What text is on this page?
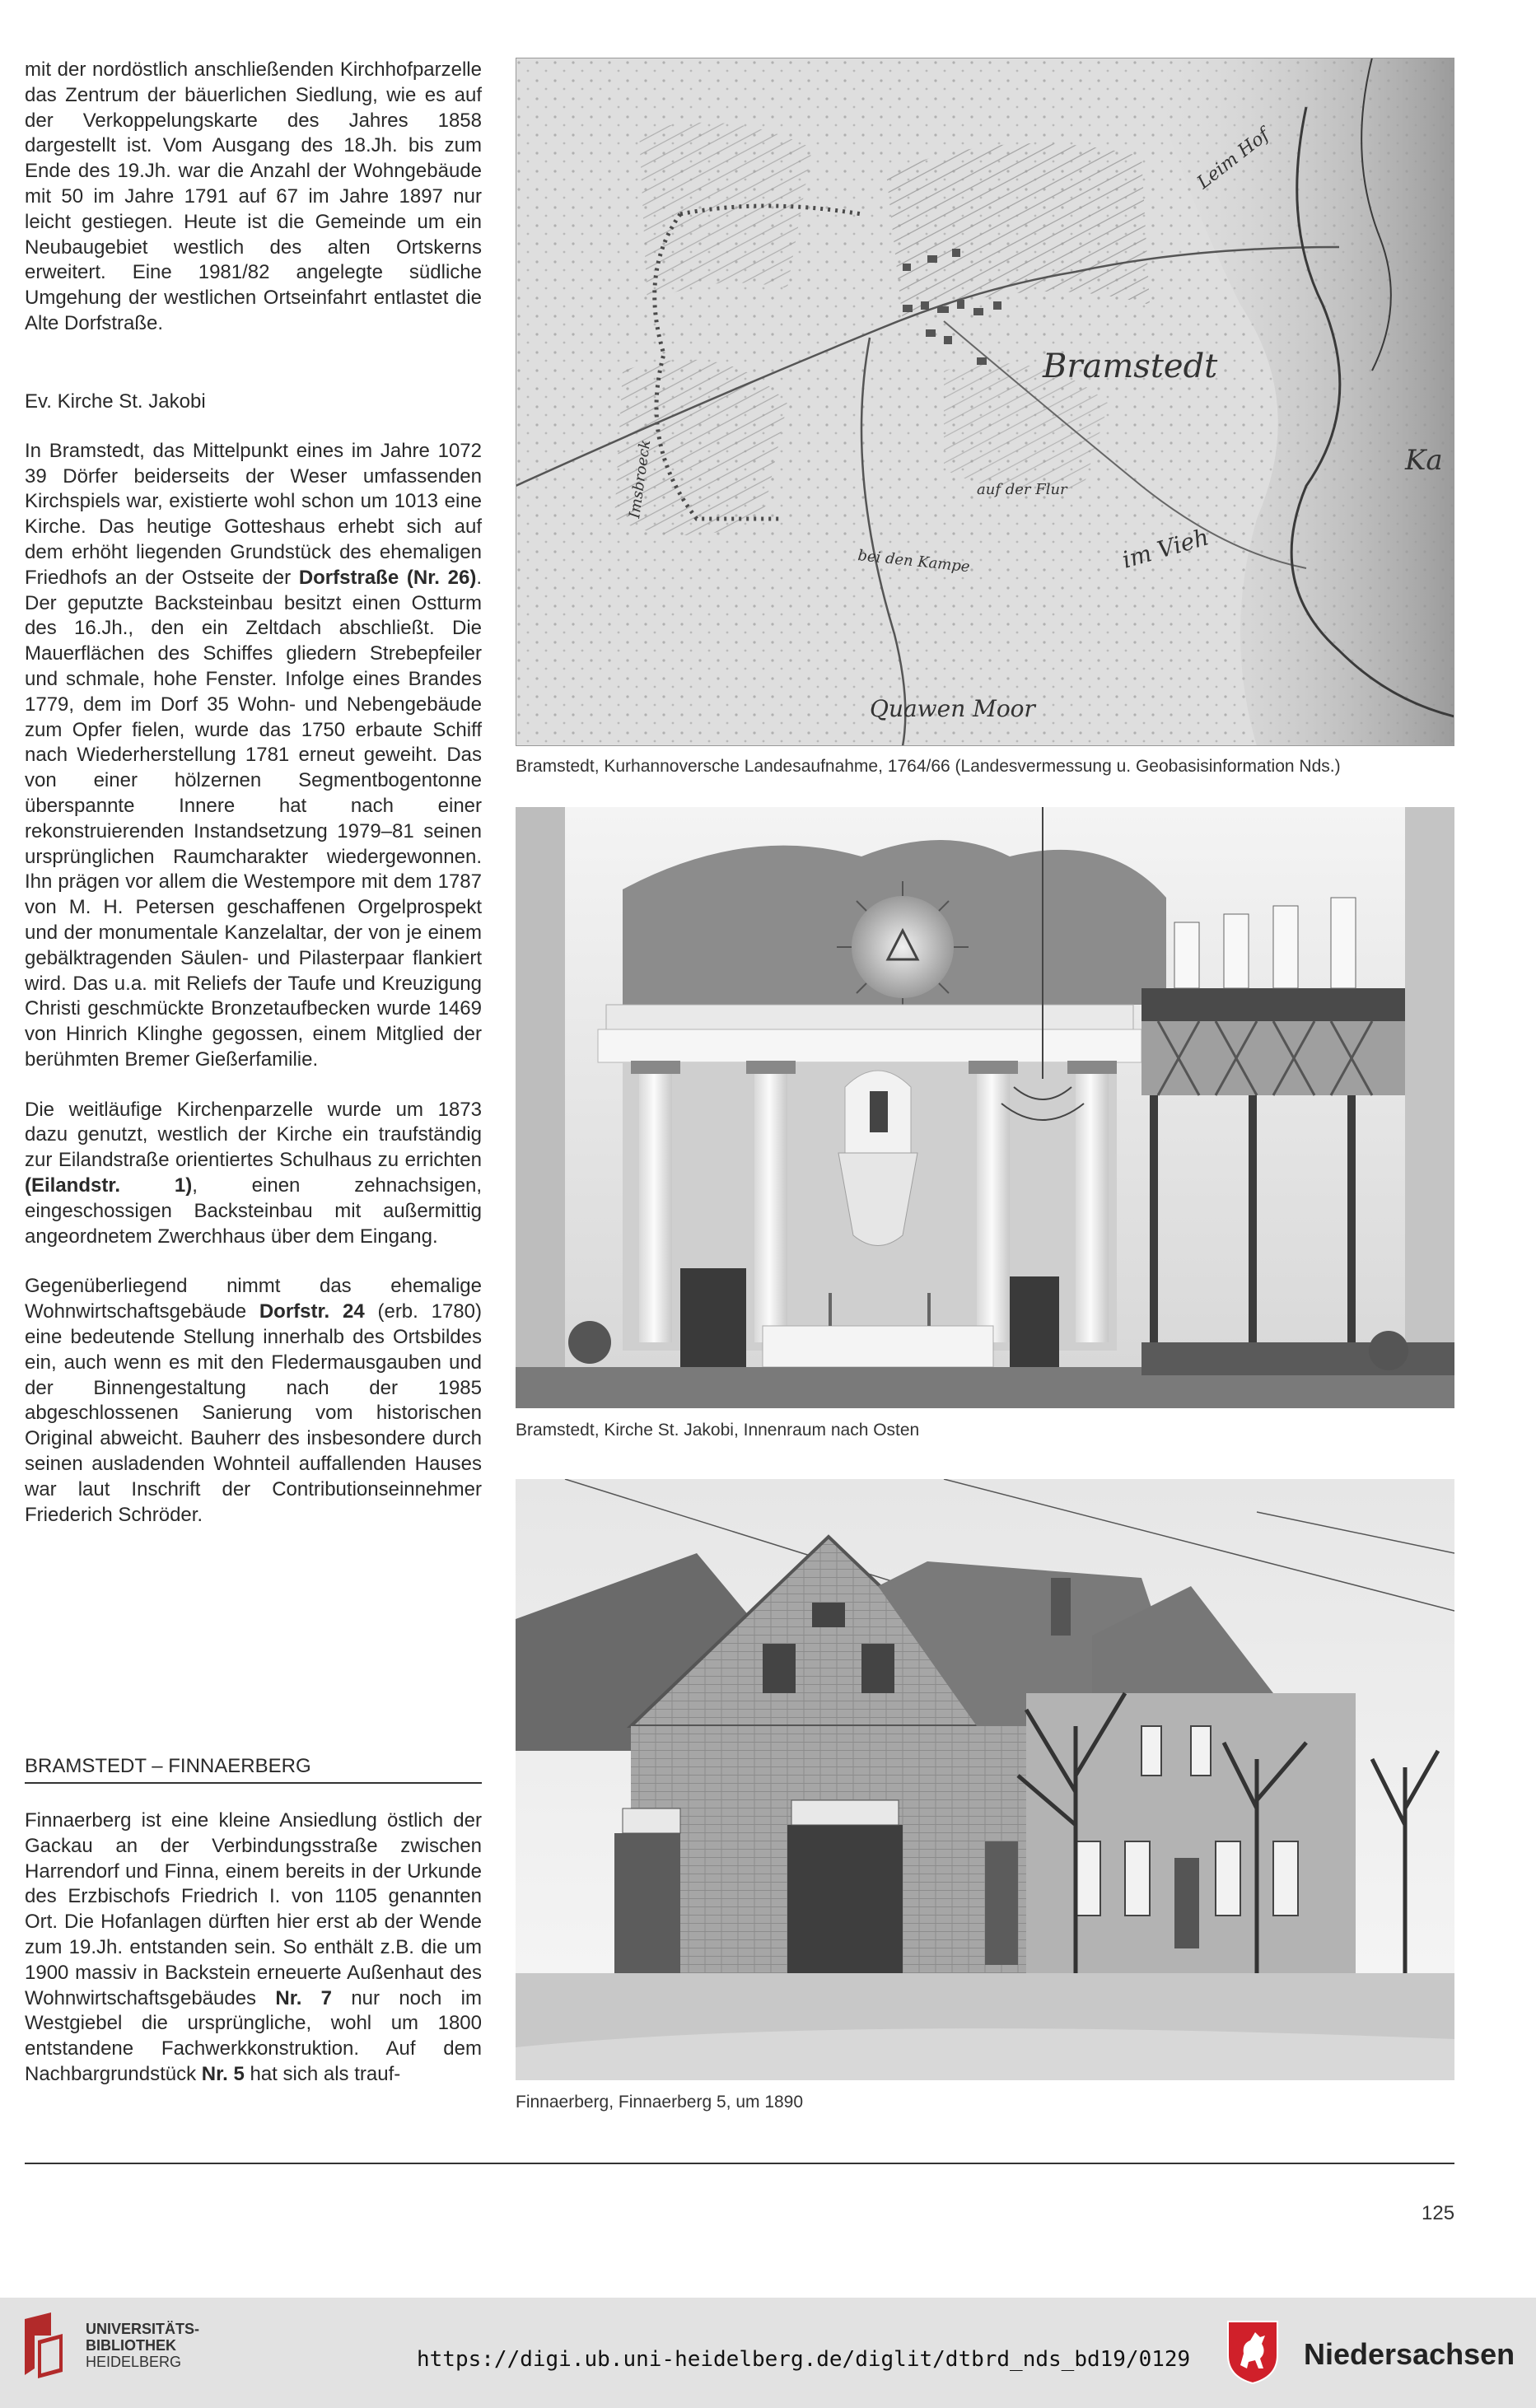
mit der nordöstlich anschließenden Kirchhofparzelle das Zentrum der bäuerlichen Siedlung, wie es auf der Verkoppelungskarte des Jahres 1858 dargestellt ist. Vom Ausgang des 18.Jh. bis zum Ende des 19.Jh. war die Anzahl der Wohngebäude mit 50 im Jahre 1791 auf 67 im Jahre 1897 nur leicht gestiegen. Heute ist die Gemeinde um ein Neubaugebiet westlich des alten Ortskerns erweitert. Eine 1981/82 angelegte südliche Umgehung der westlichen Ortseinfahrt entlastet die Alte Dorfstraße.

Ev. Kirche St. Jakobi

In Bramstedt, das Mittelpunkt eines im Jahre 1072 39 Dörfer beiderseits der Weser umfassenden Kirchspiels war, existierte wohl schon um 1013 eine Kirche. Das heutige Gotteshaus erhebt sich auf dem erhöht liegenden Grundstück des ehemaligen Friedhofs an der Ostseite der Dorfstraße (Nr. 26). Der geputzte Backsteinbau besitzt einen Ostturm des 16.Jh., den ein Zeltdach abschließt. Die Mauerflächen des Schiffes gliedern Strebepfeiler und schmale, hohe Fenster. Infolge eines Brandes 1779, dem im Dorf 35 Wohn- und Nebengebäude zum Opfer fielen, wurde das 1750 erbaute Schiff nach Wiederherstellung 1781 erneut geweiht. Das von einer hölzernen Segmentbogentonne überspannte Innere hat nach einer rekonstruierenden Instandsetzung 1979–81 seinen ursprünglichen Raumcharakter wiedergewonnen. Ihn prägen vor allem die Westempore mit dem 1787 von M. H. Petersen geschaffenen Orgelprospekt und der monumentale Kanzelaltar, der von je einem gebälktragenden Säulen- und Pilasterpaar flankiert wird. Das u.a. mit Reliefs der Taufe und Kreuzigung Christi geschmückte Bronzetaufbecken wurde 1469 von Hinrich Klinghe gegossen, einem Mitglied der berühmten Bremer Gießerfamilie.

Die weitläufige Kirchenparzelle wurde um 1873 dazu genutzt, westlich der Kirche ein traufständig zur Eilandstraße orientiertes Schulhaus zu errichten (Eilandstr. 1), einen zehnachsigen, eingeschossigen Backsteinbau mit außermittig angeordnetem Zwerchhaus über dem Eingang.

Gegenüberliegend nimmt das ehemalige Wohnwirtschaftsgebäude Dorfstr. 24 (erb. 1780) eine bedeutende Stellung innerhalb des Ortsbildes ein, auch wenn es mit den Fledermausgauben und der Binnengestaltung nach der 1985 abgeschlossenen Sanierung vom historischen Original abweicht. Bauherr des insbesondere durch seinen ausladenden Wohnteil auffallenden Hauses war laut Inschrift der Contributionseinnehmer Friederich Schröder.

BRAMSTEDT – FINNAERBERG

Finnaerberg ist eine kleine Ansiedlung östlich der Gackau an der Verbindungsstraße zwischen Harrendorf und Finna, einem bereits in der Urkunde des Erzbischofs Friedrich I. von 1105 genannten Ort. Die Hofanlagen dürften hier erst ab der Wende zum 19.Jh. entstanden sein. So enthält z.B. die um 1900 massiv in Backstein erneuerte Außenhaut des Wohnwirtschaftsgebäudes Nr. 7 nur noch im Westgiebel die ursprüngliche, wohl um 1800 entstandene Fachwerkkonstruktion. Auf dem Nachbargrundstück Nr. 5 hat sich als trauf-

Bramstedt
Leim Hof
Ka
auf der Flur
im Vieh
bei den Kampe
Quawen Moor
Imsbroeck
Bramstedt, Kurhannoversche Landesaufnahme, 1764/66 (Landesvermessung u. Geobasisinformation Nds.)
Bramstedt, Kirche St. Jakobi, Innenraum nach Osten
Finnaerberg, Finnaerberg 5, um 1890
125
UNIVERSITÄTS-
BIBLIOTHEK
HEIDELBERG	https://digi.ub.uni-heidelberg.de/diglit/dtbrd_nds_bd19/0129	Niedersachsen
